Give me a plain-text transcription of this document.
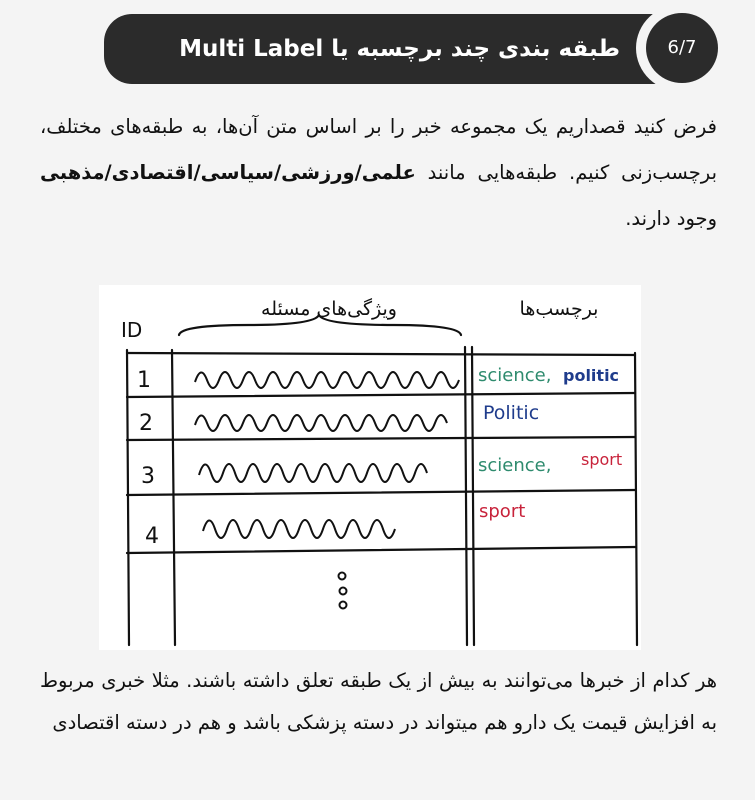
طبقه بندی چند برچسبه یا Multi Label	6/7
فرض کنید قصداریم یک مجموعه خبر را بر اساس متن آن‌ها، به طبقه‌های مختلف، برچسب‌زنی کنیم. طبقه‌هایی مانند علمی/ورزشی/سیاسی/اقتصادی/مذهبی وجود دارند.
ID
ویژگی‌های مسئله	برچسب‌ها
1
2
3
4
science, politic
Politic
science, sport
sport
هر کدام از خبرها می‌توانند به بیش از یک طبقه تعلق داشته باشند. مثلا خبری مربوط به افزایش قیمت یک دارو هم میتواند در دسته پزشکی باشد و هم در دسته اقتصادی
